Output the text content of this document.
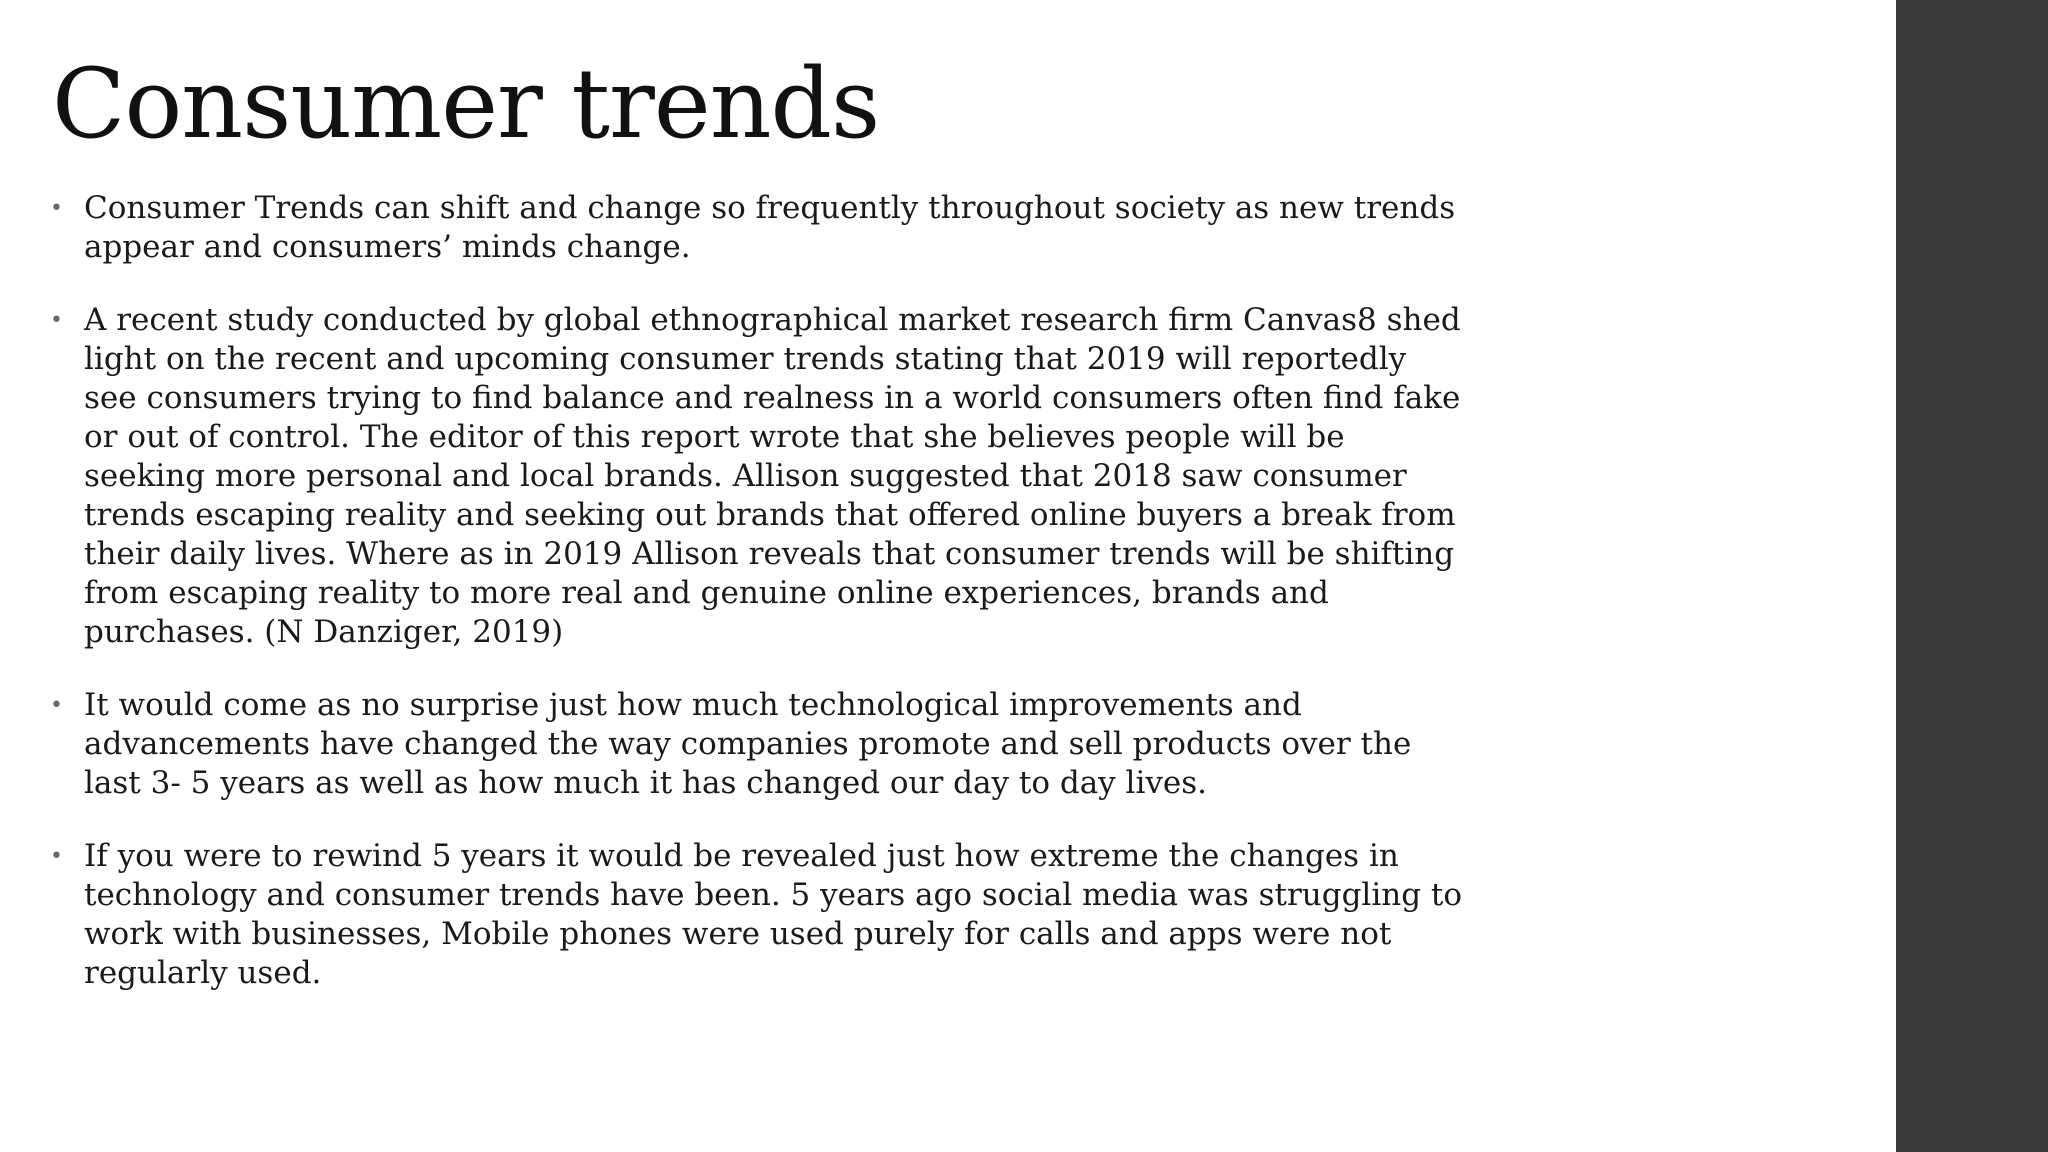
Consumer trends
• Consumer Trends can shift and change so frequently throughout society as new trends appear and consumers’ minds change.
• A recent study conducted by global ethnographical market research firm Canvas8 shed light on the recent and upcoming consumer trends stating that 2019 will reportedly see consumers trying to find balance and realness in a world consumers often find fake or out of control. The editor of this report wrote that she believes people will be seeking more personal and local brands. Allison suggested that 2018 saw consumer trends escaping reality and seeking out brands that offered online buyers a break from their daily lives. Where as in 2019 Allison reveals that consumer trends will be shifting from escaping reality to more real and genuine online experiences, brands and purchases. (N Danziger, 2019)
• It would come as no surprise just how much technological improvements and advancements have changed the way companies promote and sell products over the last 3- 5 years as well as how much it has changed our day to day lives.
• If you were to rewind 5 years it would be revealed just how extreme the changes in technology and consumer trends have been. 5 years ago social media was struggling to work with businesses, Mobile phones were used purely for calls and apps were not regularly used.
